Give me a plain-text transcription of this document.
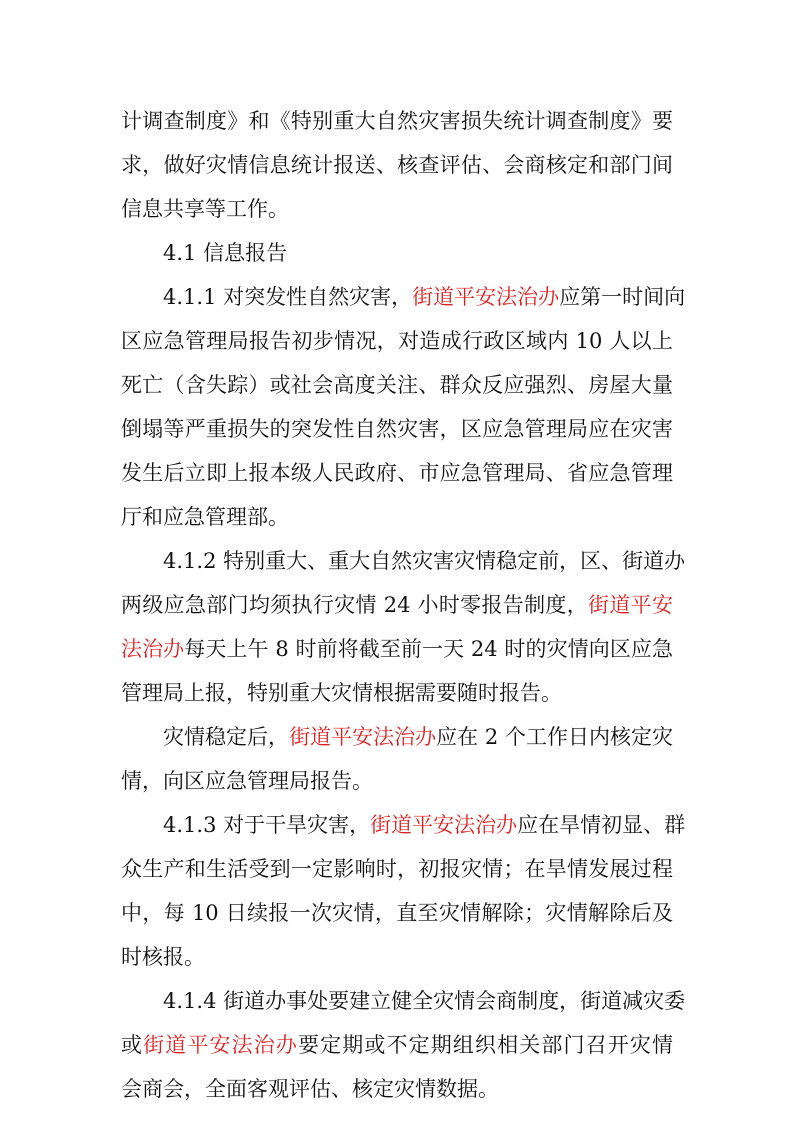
计调查制度》和《特别重大自然灾害损失统计调查制度》要
求，做好灾情信息统计报送、核查评估、会商核定和部门间
信息共享等工作。
4.1 信息报告
4.1.1 对突发性自然灾害，街道平安法治办应第一时间向
区应急管理局报告初步情况，对造成行政区域内 10 人以上
死亡（含失踪）或社会高度关注、群众反应强烈、房屋大量
倒塌等严重损失的突发性自然灾害，区应急管理局应在灾害
发生后立即上报本级人民政府、市应急管理局、省应急管理
厅和应急管理部。
4.1.2 特别重大、重大自然灾害灾情稳定前，区、街道办
两级应急部门均须执行灾情 24 小时零报告制度，街道平安
法治办每天上午 8 时前将截至前一天 24 时的灾情向区应急
管理局上报，特别重大灾情根据需要随时报告。
灾情稳定后，街道平安法治办应在 2 个工作日内核定灾
情，向区应急管理局报告。
4.1.3 对于干旱灾害，街道平安法治办应在旱情初显、群
众生产和生活受到一定影响时，初报灾情；在旱情发展过程
中，每 10 日续报一次灾情，直至灾情解除；灾情解除后及
时核报。
4.1.4 街道办事处要建立健全灾情会商制度，街道减灾委
或街道平安法治办要定期或不定期组织相关部门召开灾情
会商会，全面客观评估、核定灾情数据。
